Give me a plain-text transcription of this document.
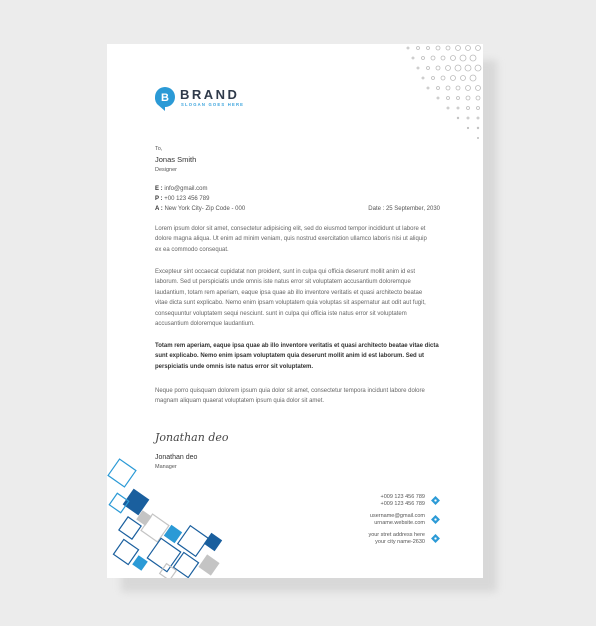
B BRAND
SLOGAN GOES HERE
To,
Jonas Smith
Designer
E : info@gmail.com
P : +00 123 456 789
A : New York City- Zip Code - 000	Date : 25 September, 2030
Lorem ipsum dolor sit amet, consectetur adipisicing elit, sed do eiusmod tempor incididunt ut labore et
dolore magna aliqua. Ut enim ad minim veniam, quis nostrud exercitation ullamco laboris nisi ut aliquip
ex ea commodo consequat.
Excepteur sint occaecat cupidatat non proident, sunt in culpa qui officia deserunt mollit anim id est
laborum. Sed ut perspiciatis unde omnis iste natus error sit voluptatem accusantium doloremque
laudantium, totam rem aperiam, eaque ipsa quae ab illo inventore veritatis et quasi architecto beatae
vitae dicta sunt explicabo. Nemo enim ipsam voluptatem quia voluptas sit aspernatur aut odit aut fugit,
consequuntur voluptatem sequi nesciunt. sunt in culpa qui officia iste natus error sit voluptatem
accusantium doloremque laudantium.
Totam rem aperiam, eaque ipsa quae ab illo inventore veritatis et quasi architecto beatae vitae dicta
sunt explicabo. Nemo enim ipsam voluptatem quia deserunt mollit anim id est laborum. Sed ut
perspiciatis unde omnis iste natus error sit voluptatem.
Neque porro quisquam dolorem ipsum quia dolor sit amet, consectetur tempora incidunt labore dolore
magnam aliquam quaerat voluptatem ipsum quia dolor sit amet.
Jonathan deo
Jonathan deo
Manager
+009 123 456 789
+009 123 456 789
username@gmail.com
urname.website.com
your stret address here
your city name-2630
